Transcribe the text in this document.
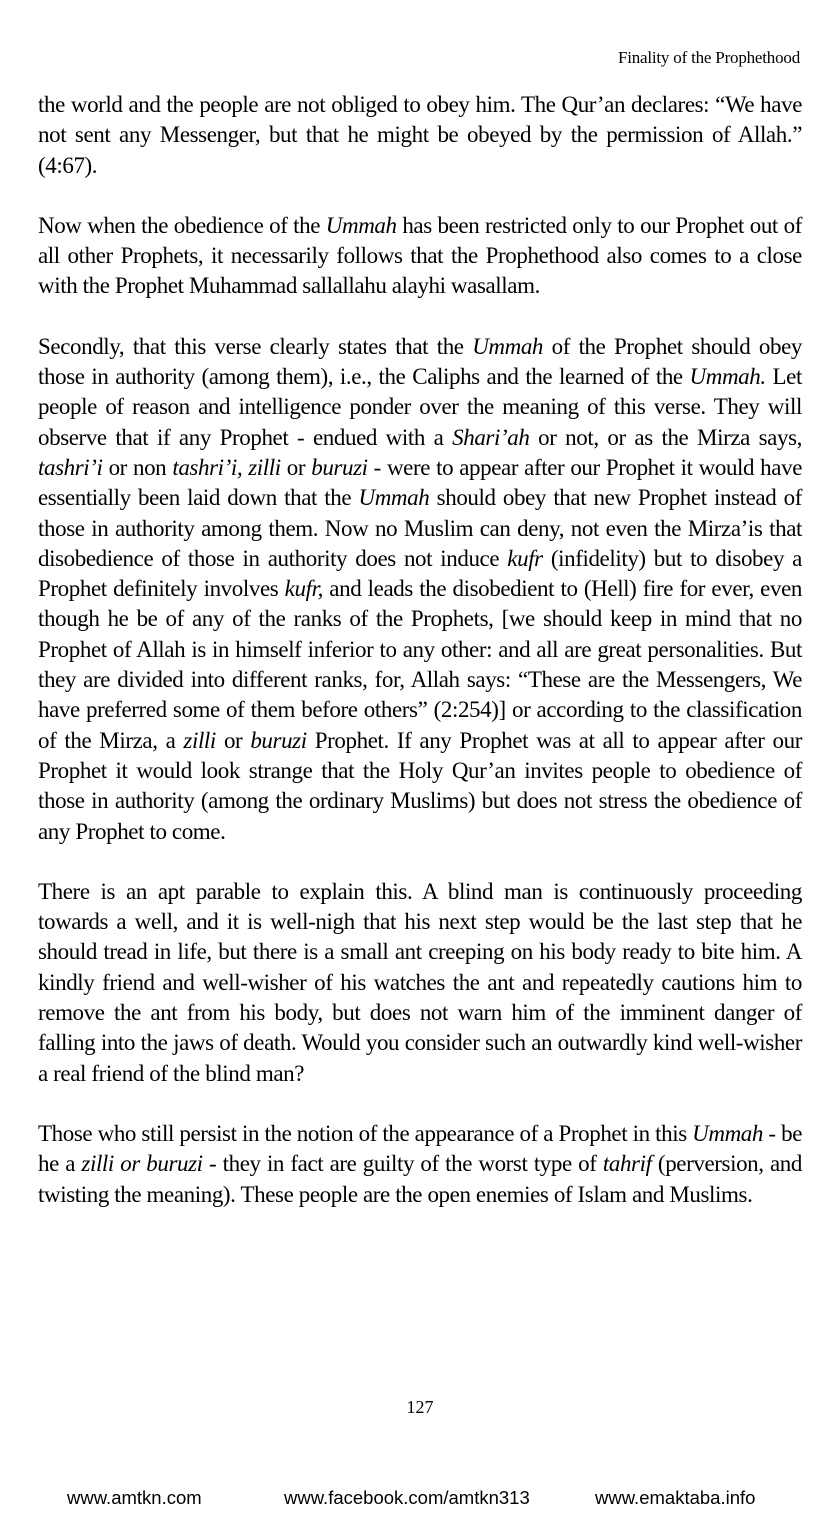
Finality of the Prophethood

the world and the people are not obliged to obey him. The Qur’an declares: “We have not sent any Messenger, but that he might be obeyed by the permission of Allah.” (4:67).

Now when the obedience of the Ummah has been restricted only to our Prophet out of all other Prophets, it necessarily follows that the Prophethood also comes to a close with the Prophet Muhammad sallallahu alayhi wasallam.

Secondly, that this verse clearly states that the Ummah of the Prophet should obey those in authority (among them), i.e., the Caliphs and the learned of the Ummah. Let people of reason and intelligence ponder over the meaning of this verse. They will observe that if any Prophet - endued with a Shari’ah or not, or as the Mirza says, tashri’i or non tashri’i, zilli or buruzi - were to appear after our Prophet it would have essentially been laid down that the Ummah should obey that new Prophet instead of those in authority among them. Now no Muslim can deny, not even the Mirza’is that disobedience of those in authority does not induce kufr (infidelity) but to disobey a Prophet definitely involves kufr, and leads the disobedient to (Hell) fire for ever, even though he be of any of the ranks of the Prophets, [we should keep in mind that no Prophet of Allah is in himself inferior to any other: and all are great personalities. But they are divided into different ranks, for, Allah says: “These are the Messengers, We have preferred some of them before others” (2:254)] or according to the classification of the Mirza, a zilli or buruzi Prophet. If any Prophet was at all to appear after our Prophet it would look strange that the Holy Qur’an invites people to obedience of those in authority (among the ordinary Muslims) but does not stress the obedience of any Prophet to come.

There is an apt parable to explain this. A blind man is continuously proceeding towards a well, and it is well-nigh that his next step would be the last step that he should tread in life, but there is a small ant creeping on his body ready to bite him. A kindly friend and well-wisher of his watches the ant and repeatedly cautions him to remove the ant from his body, but does not warn him of the imminent danger of falling into the jaws of death. Would you consider such an outwardly kind well-wisher a real friend of the blind man?

Those who still persist in the notion of the appearance of a Prophet in this Ummah - be he a zilli or buruzi - they in fact are guilty of the worst type of tahrif (perversion, and twisting the meaning). These people are the open enemies of Islam and Muslims.

127
www.amtkn.com	www.facebook.com/amtkn313	www.emaktaba.info
